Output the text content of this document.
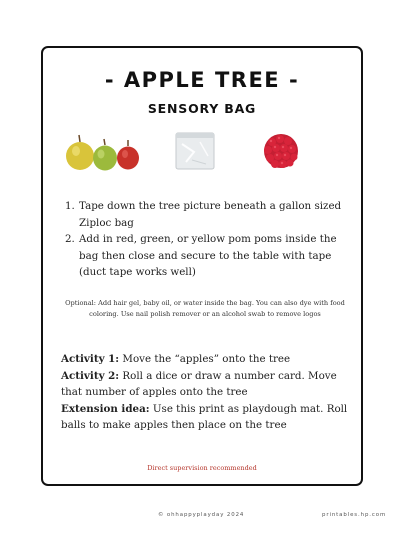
- APPLE TREE -
SENSORY BAG
1. Tape down the tree picture beneath a gallon sized Ziploc bag
2. Add in red, green, or yellow pom poms inside the bag then close and secure to the table with tape (duct tape works well)

Optional: Add hair gel, baby oil, or water inside the bag. You can also dye with food coloring. Use nail polish remover or an alcohol swab to remove logos

Activity 1: Move the “apples” onto the tree

Activity 2: Roll a dice or draw a number card. Move that number of apples onto the tree

Extension idea: Use this print as playdough mat. Roll balls to make apples then place on the tree

Direct supervision recommended

© ohhappyplayday 2024	printables.hp.com
